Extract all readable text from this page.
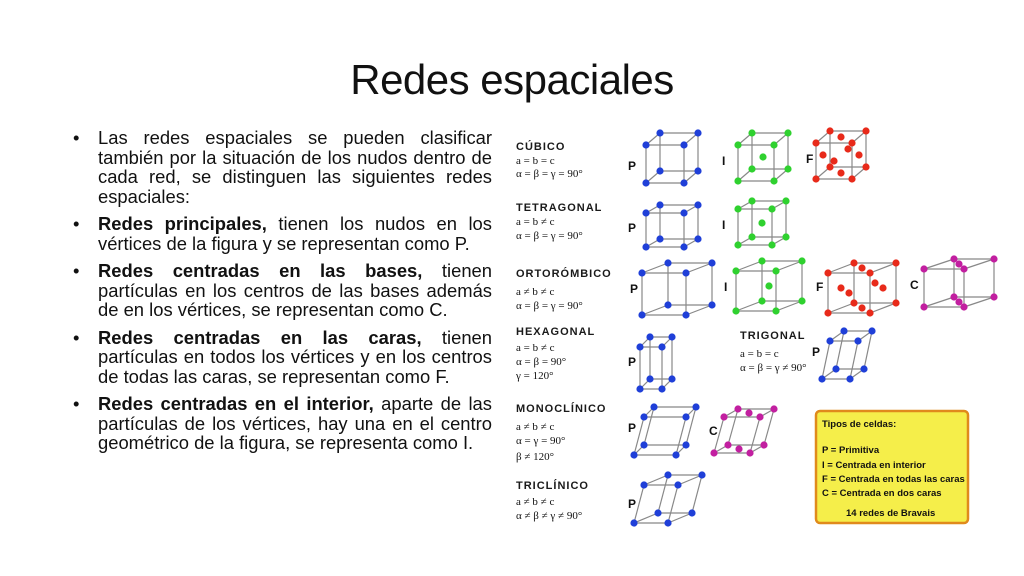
Redes espaciales
• Las redes espaciales se pueden clasificar también por la situación de los nudos dentro de cada red, se distinguen las siguientes redes espaciales:
• Redes principales, tienen los nudos en los vértices de la figura y se representan como P.
• Redes centradas en las bases, tienen partículas en los centros de las bases además de en los vértices, se representan como C.
• Redes centradas en las caras, tienen partículas en todos los vértices y en los centros de todas las caras, se representan como F.
• Redes centradas en el interior, aparte de las partículas de los vértices, hay una en el centro geométrico de la figura, se representa como I.
CÚBICO
a = b = c
α = β = γ = 90°
TETRAGONAL
a = b ≠ c
α = β = γ = 90°
ORTORÓMBICO
a ≠ b ≠ c
α = β = γ = 90°
HEXAGONAL
a = b ≠ c
α = β = 90°
γ = 120°
TRIGONAL
a = b = c
α = β = γ ≠ 90°
MONOCLÍNICO
a ≠ b ≠ c
α = γ = 90°
β ≠ 120°
TRICLÍNICO
a ≠ b ≠ c
α ≠ β ≠ γ ≠ 90°
P	I	F
P	I
P	I	F	C
P
P
P	C
P
Tipos de celdas:
P = Primitiva
I = Centrada en interior
F = Centrada en todas las caras
C = Centrada en dos caras
14 redes de Bravais
